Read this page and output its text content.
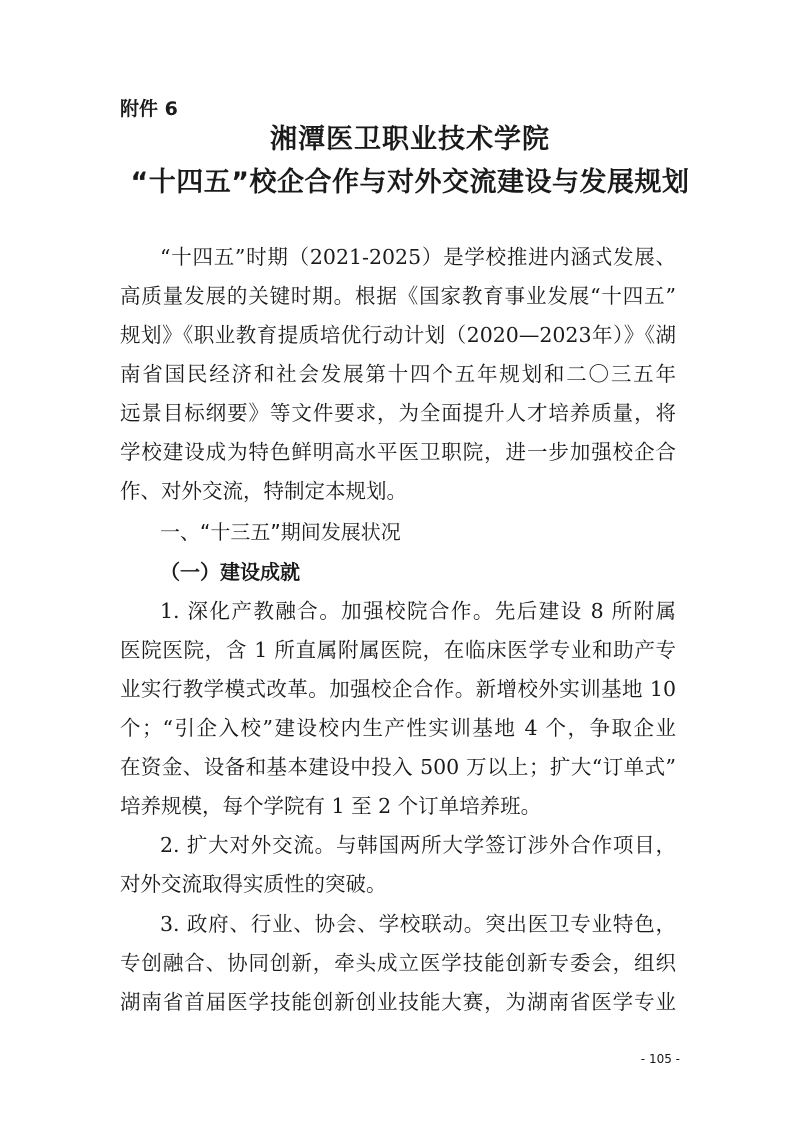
附件 6
湘潭医卫职业技术学院
“十四五”校企合作与对外交流建设与发展规划
“十四五”时期（2021-2025）是学校推进内涵式发展、
高质量发展的关键时期。根据《国家教育事业发展“十四五”
规划》《职业教育提质培优行动计划（2020—2023年）》《湖
南省国民经济和社会发展第十四个五年规划和二〇三五年
远景目标纲要》等文件要求，为全面提升人才培养质量，将
学校建设成为特色鲜明高水平医卫职院，进一步加强校企合
作、对外交流，特制定本规划。
一、“十三五”期间发展状况
（一）建设成就
1. 深化产教融合。加强校院合作。先后建设 8 所附属
医院医院，含 1 所直属附属医院，在临床医学专业和助产专
业实行教学模式改革。加强校企合作。新增校外实训基地 10
个；“引企入校”建设校内生产性实训基地 4 个，争取企业
在资金、设备和基本建设中投入 500 万以上；扩大“订单式”
培养规模，每个学院有 1 至 2 个订单培养班。
2. 扩大对外交流。与韩国两所大学签订涉外合作项目，
对外交流取得实质性的突破。
3. 政府、行业、协会、学校联动。突出医卫专业特色，
专创融合、协同创新，牵头成立医学技能创新专委会，组织
湖南省首届医学技能创新创业技能大赛，为湖南省医学专业
- 105 -
